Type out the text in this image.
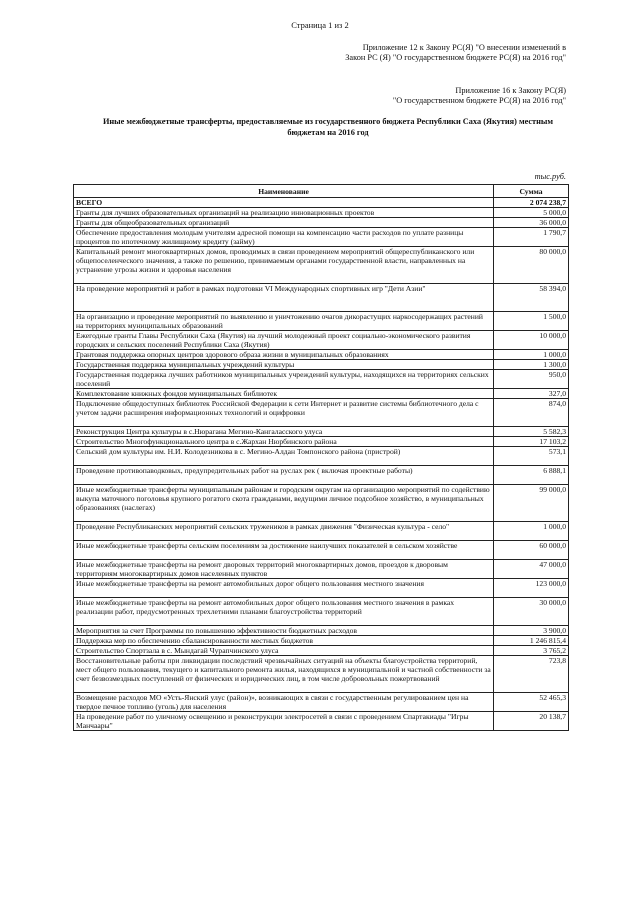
Страница 1 из 2
Приложение 12 к Закону РС(Я) "О внесении изменений в
Закон РС (Я) "О государственном бюджете РС(Я) на 2016 год"
Приложение 16 к Закону РС(Я)
"О государственном бюджете РС(Я) на 2016 год"
Иные межбюджетные трансферты, предоставляемые из государственного бюджета Республики Саха (Якутия) местным
бюджетам на 2016 год
тыс.руб.
Наименование	Сумма
ВСЕГО	2 074 238,7
Гранты для лучших образовательных организаций на реализацию инновационных проектов	5 000,0
Гранты для общеобразовательных организаций	36 000,0
Обеспечение предоставления молодым учителям адресной помощи на компенсацию части расходов по уплате разницы процентов по ипотечному жилищному кредиту (займу)	1 790,7
Капитальный ремонт многоквартирных домов, проводимых в связи проведением мероприятий общереспубликанского или общепоселенческого значения, а также по решению, принимаемым органами государственной власти, направленных на устранение угрозы жизни и здоровья населения	80 000,0
На проведение мероприятий и работ в рамках подготовки VI Международных спортивных игр "Дети Азии"	58 394,0
На организацию и проведение мероприятий по выявлению и уничтожению очагов дикорастущих наркосодержащих растений на территориях муниципальных образований	1 500,0
Ежегодные гранты Главы Республики Саха (Якутия) на лучший молодежный проект социально-экономического развития городских и сельских поселений Республики Саха (Якутия)	10 000,0
Грантовая поддержка опорных центров здорового образа жизни в муниципальных образованиях	1 000,0
Государственная поддержка муниципальных учреждений культуры	1 300,0
Государственная поддержка лучших работников муниципальных учреждений культуры, находящихся на территориях сельских поселений	950,0
Комплектование книжных фондов муниципальных библиотек	327,0
Подключение общедоступных библиотек Российской Федерации к сети Интернет и развитие системы библиотечного дела с учетом задачи расширения информационных технологий и оцифровки	874,0
Реконструкция Центра культуры в с.Нюрагана Мегино-Кангаласского улуса	5 582,3
Строительство Многофункционального центра в с.Жархан Нюрбинского района	17 103,2
Сельский дом культуры им. Н.И. Колодезникова в с. Мегино-Алдан Томпонского района (пристрой)	573,1
Проведение противопаводковых, предупредительных работ на руслах рек ( включая проектные работы)	6 888,1
Иные межбюджетные трансферты муниципальным районам и городским округам на организацию мероприятий по содействию выкупа маточного поголовья крупного рогатого скота гражданами, ведущими личное подсобное хозяйство, в муниципальных образованиях (наслегах)	99 000,0
Проведение Республиканских мероприятий сельских тружеников в рамках движения "Физическая культура - село"	1 000,0
Иные межбюджетные трансферты сельским поселениям за достижение наилучших показателей в сельском хозяйстве	60 000,0
Иные межбюджетные трансферты на ремонт дворовых территорий многоквартирных домов, проездов к дворовым территориям многоквартирных домов населенных пунктов	47 000,0
Иные межбюджетные трансферты на ремонт автомобильных дорог общего пользования местного значения	123 000,0
Иные межбюджетные трансферты на ремонт автомобильных дорог общего пользования местного значения в рамках реализации работ, предусмотренных трехлетними планами благоустройства территорий	30 000,0
Мероприятия за счет Программы по повышению эффективности бюджетных расходов	3 900,0
Поддержка мер по обеспечению сбалансированности местных бюджетов	1 246 815,4
Строительство Спортзала в с. Мындагай Чурапчинского улуса	3 765,2
Восстановительные работы при ликвидации последствий чрезвычайных ситуаций на объекты благоустройства территорий, мест общего пользования, текущего и капитального ремонта жилья, находящихся в муниципальной и частной собственности за счет безвозмездных поступлений от физических и юридических лиц, в том числе добровольных пожертвований	723,8
Возмещение расходов МО «Усть-Янский улус (район)», возникающих в связи с государственным регулированием цен на твердое печное топливо (уголь) для населения	52 465,3
На проведение работ по уличному освещению и реконструкции электросетей в связи с проведением Спартакиады "Игры Манчаары"	20 138,7
